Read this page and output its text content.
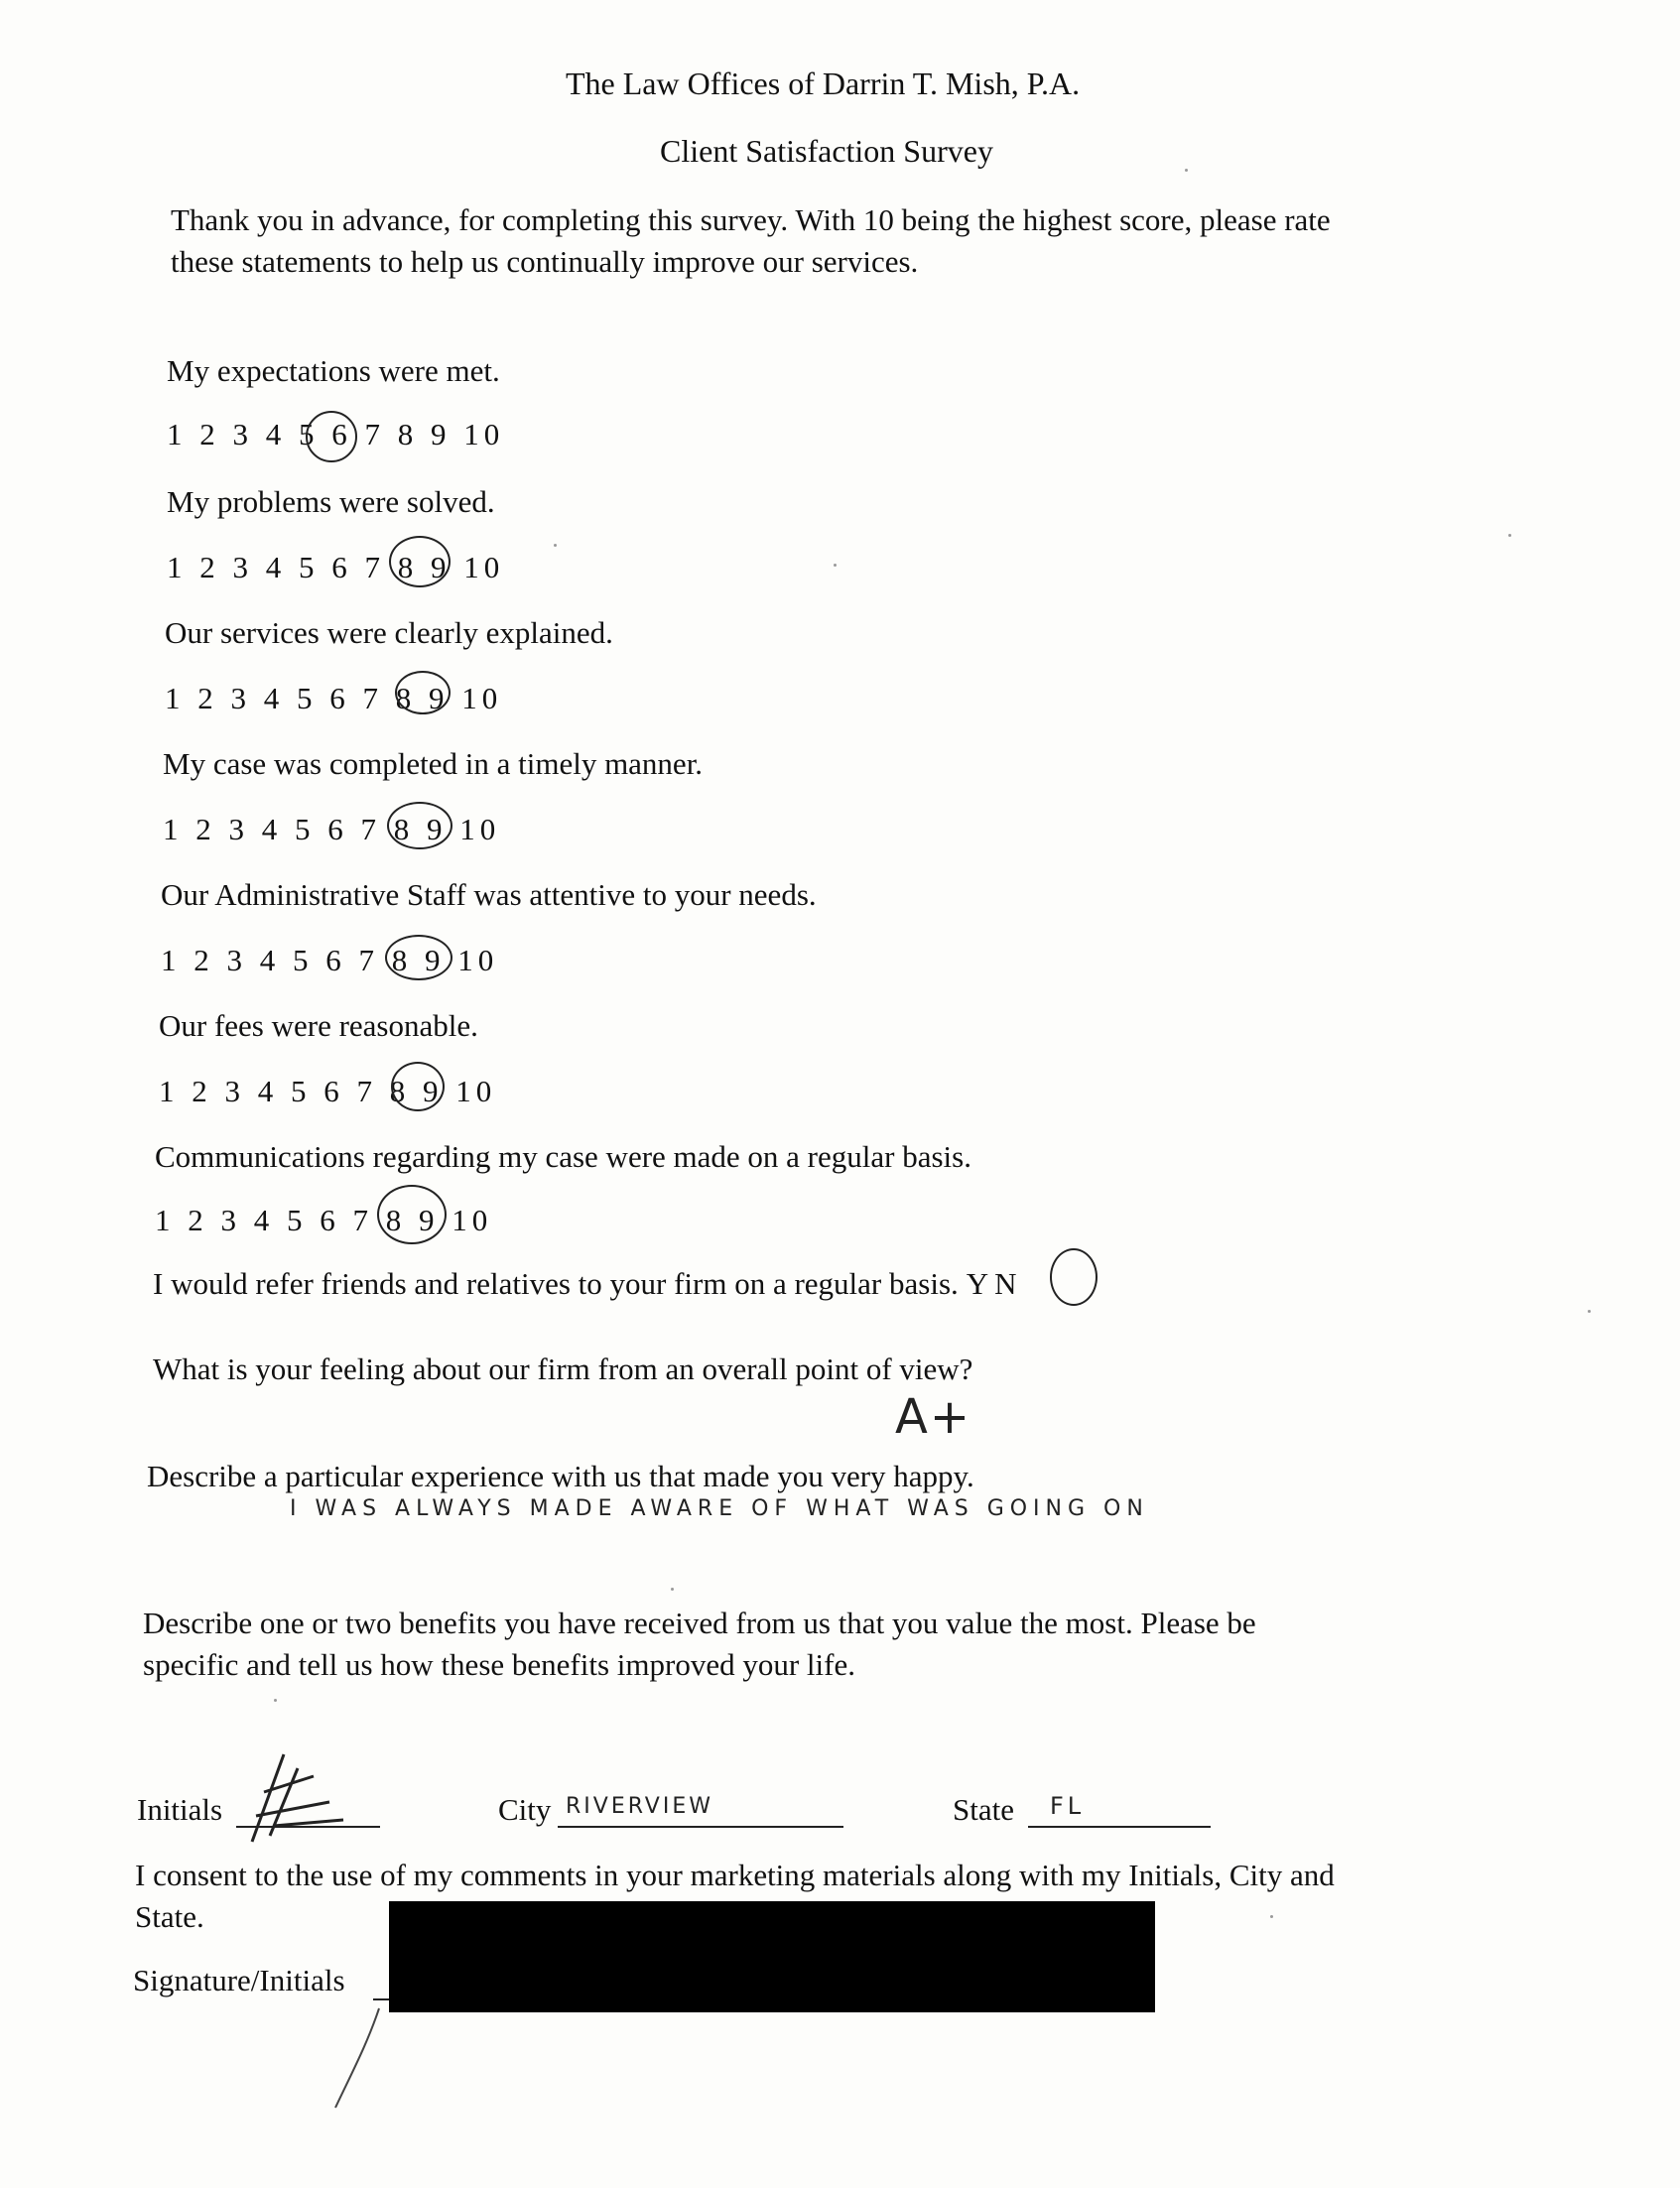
The Law Offices of Darrin T. Mish, P.A.

Client Satisfaction Survey

Thank you in advance, for completing this survey. With 10 being the highest score, please rate

these statements to help us continually improve our services.

My expectations were met.

1 2 3 4 5 6 7 8 9 10

My problems were solved.

1 2 3 4 5 6 7 8 9 10

Our services were clearly explained.

1 2 3 4 5 6 7 8 9 10

My case was completed in a timely manner.

1 2 3 4 5 6 7 8 9 10

Our Administrative Staff was attentive to your needs.

1 2 3 4 5 6 7 8 9 10

Our fees were reasonable.

1 2 3 4 5 6 7 8 9 10

Communications regarding my case were made on a regular basis.

1 2 3 4 5 6 7 8 9 10

I would refer friends and relatives to your firm on a regular basis. Y N

What is your feeling about our firm from an overall point of view?

A+

Describe a particular experience with us that made you very happy.

I WAS ALWAYS MADE AWARE OF WHAT WAS GOING ON

Describe one or two benefits you have received from us that you value the most. Please be

specific and tell us how these benefits improved your life.

Initials	City RIVERVIEW	State FL

I consent to the use of my comments in your marketing materials along with my Initials, City and

State.

Signature/Initials
